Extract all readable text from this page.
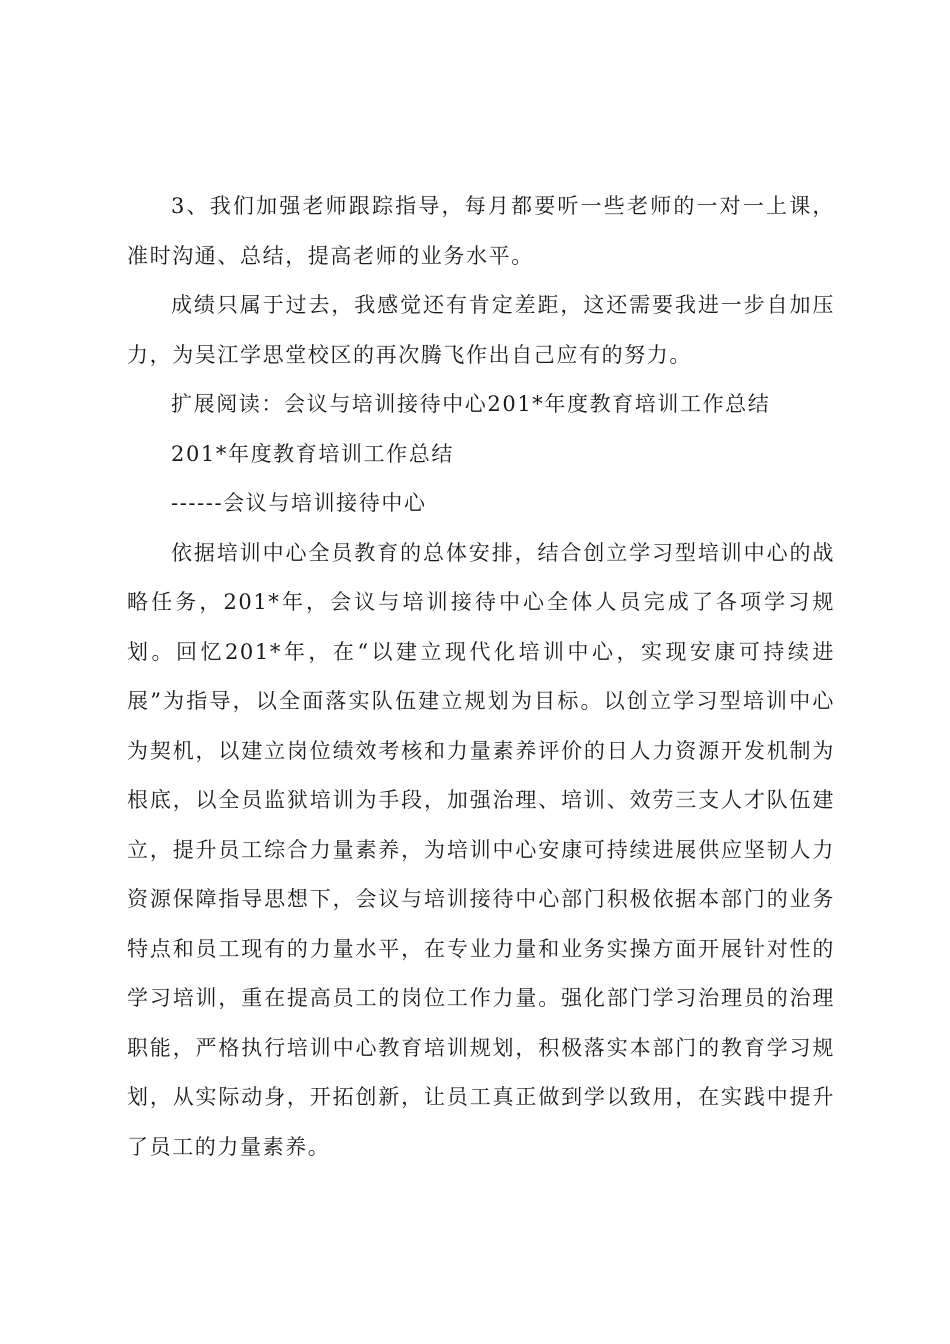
3、我们加强老师跟踪指导，每月都要听一些老师的一对一上课，准时沟通、总结，提高老师的业务水平。

成绩只属于过去，我感觉还有肯定差距，这还需要我进一步自加压力，为吴江学思堂校区的再次腾飞作出自己应有的努力。

扩展阅读：会议与培训接待中心201*年度教育培训工作总结

201*年度教育培训工作总结

------会议与培训接待中心

依据培训中心全员教育的总体安排，结合创立学习型培训中心的战略任务，201*年，会议与培训接待中心全体人员完成了各项学习规划。回忆201*年，在“以建立现代化培训中心，实现安康可持续进展”为指导，以全面落实队伍建立规划为目标。以创立学习型培训中心为契机，以建立岗位绩效考核和力量素养评价的日人力资源开发机制为根底，以全员监狱培训为手段，加强治理、培训、效劳三支人才队伍建立，提升员工综合力量素养，为培训中心安康可持续进展供应坚韧人力资源保障指导思想下，会议与培训接待中心部门积极依据本部门的业务特点和员工现有的力量水平，在专业力量和业务实操方面开展针对性的学习培训，重在提高员工的岗位工作力量。强化部门学习治理员的治理职能，严格执行培训中心教育培训规划，积极落实本部门的教育学习规划，从实际动身，开拓创新，让员工真正做到学以致用，在实践中提升了员工的力量素养。
